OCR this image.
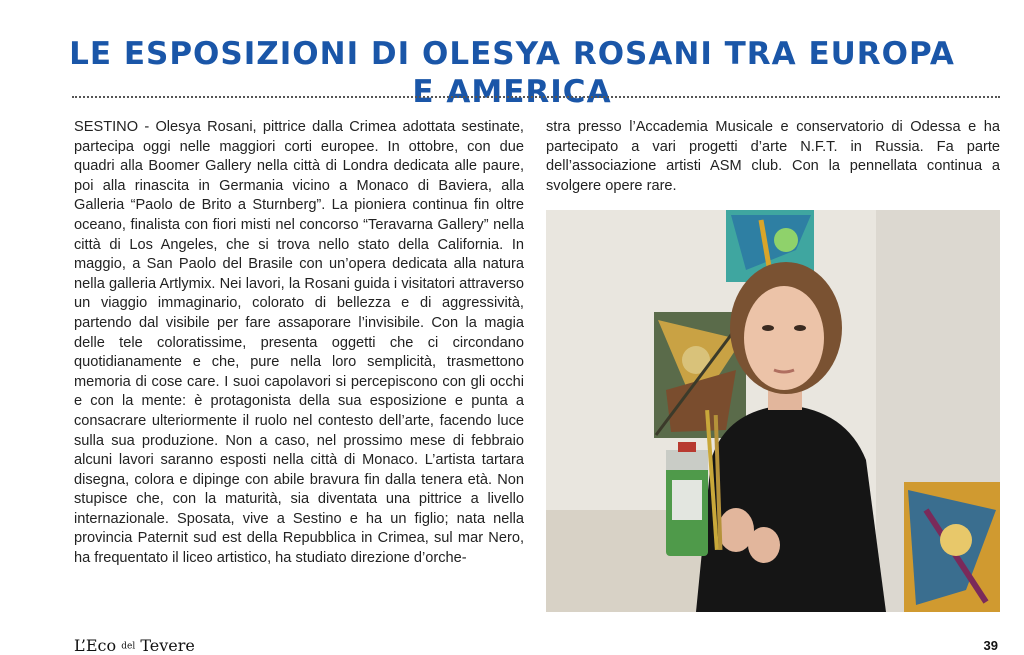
LE ESPOSIZIONI DI OLESYA ROSANI TRA EUROPA E AMERICA
SESTINO - Olesya Rosani, pittrice dalla Crimea adottata sestinate, partecipa oggi nelle maggiori corti europee. In ottobre, con due quadri alla Boomer Gallery nella città di Londra dedicata alle paure, poi alla rinascita in Germania vicino a Monaco di Baviera, alla Galleria “Paolo de Brito a Sturnberg”. La pioniera continua fin oltre oceano, finalista con fiori misti nel concorso “Teravarna Gallery” nella città di Los Angeles, che si trova nello stato della California. In maggio, a San Paolo del Brasile con un’opera dedicata alla natura nella galleria Artlymix. Nei lavori, la Rosani guida i visitatori attraverso un viaggio immaginario, colorato di bellezza e di aggressività, partendo dal visibile per fare assaporare l’invisibile. Con la magia delle tele coloratissime, presenta oggetti che ci circondano quotidianamente e che, pure nella loro semplicità, trasmettono memoria di cose care. I suoi capolavori si percepiscono con gli occhi e con la mente: è protagonista della sua esposizione e punta a consacrare ulteriormente il ruolo nel contesto dell’arte, facendo luce sulla sua produzione. Non a caso, nel prossimo mese di febbraio alcuni lavori saranno esposti nella città di Monaco. L’artista tartara disegna, colora e dipinge con abile bravura fin dalla tenera età. Non stupisce che, con la maturità, sia diventata una pittrice a livello internazionale. Sposata, vive a Sestino e ha un figlio; nata nella provincia Paternit sud est della Repubblica in Crimea, sul mar Nero, ha frequentato il liceo artistico, ha studiato direzione d’orche-
stra presso l’Accademia Musicale e conservatorio di Odessa e ha partecipato a vari progetti d’arte N.F.T. in Russia. Fa parte dell’associazione artisti ASM club. Con la pennellata continua a svolgere opere rare.
L’Eco del Tevere	39
